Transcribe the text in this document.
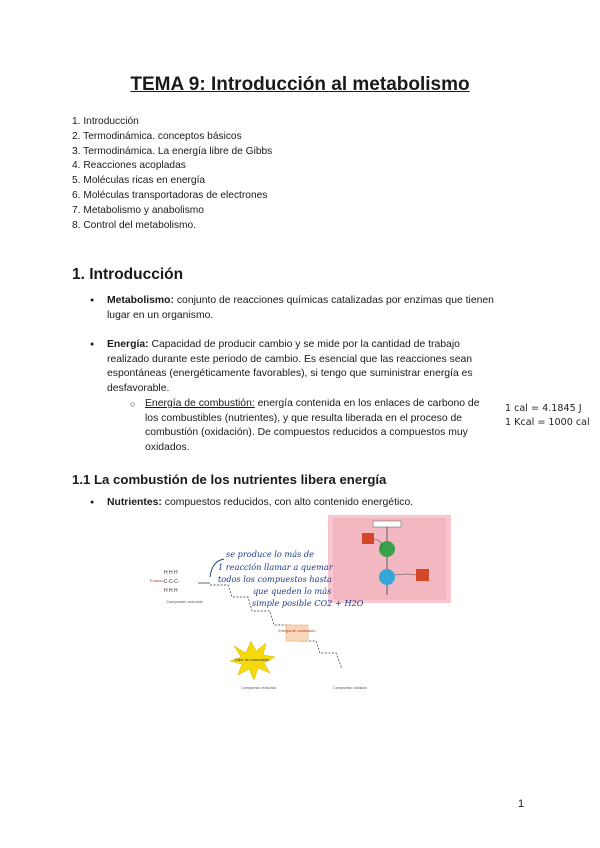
TEMA 9: Introducción al metabolismo
1. Introducción
2. Termodinámica. conceptos básicos
3. Termodinámica. La energía libre de Gibbs
4. Reacciones acopladas
5. Moléculas ricas en energía
6. Moléculas transportadoras de electrones
7. Metabolismo y anabolismo
8. Control del metabolismo.
1. Introducción

● Metabolismo: conjunto de reacciones químicas catalizadas por enzimas que tienen lugar en un organismo.

● Energía: Capacidad de producir cambio y se mide por la cantidad de trabajo realizado durante este periodo de cambio. Es esencial que las reacciones sean espontáneas (energéticamente favorables), si tengo que suministrar energía es desfavorable.

○ Energía de combustión: energía contenida en los enlaces de carbono de los combustibles (nutrientes), y que resulta liberada en el proceso de combustión (oxidación). De compuestos reducidos a compuestos muy oxidados.

1 cal = 4.1845 J
1 Kcal = 1000 cal
1.1 La combustión de los nutrientes libera energía

● Nutrientes: compuestos reducidos, con alto contenido energético.

Enlace
H H H
-C-C-C-
H H H
Compuesto reducido
Energía de combustión
Calor de combustión
Compuesto reducido	Compuesto oxidado
se produce lo más de
1 reacción llamar a quemar
todos los compuestos hasta
que queden lo más
simple posible CO2 + H2O
1
